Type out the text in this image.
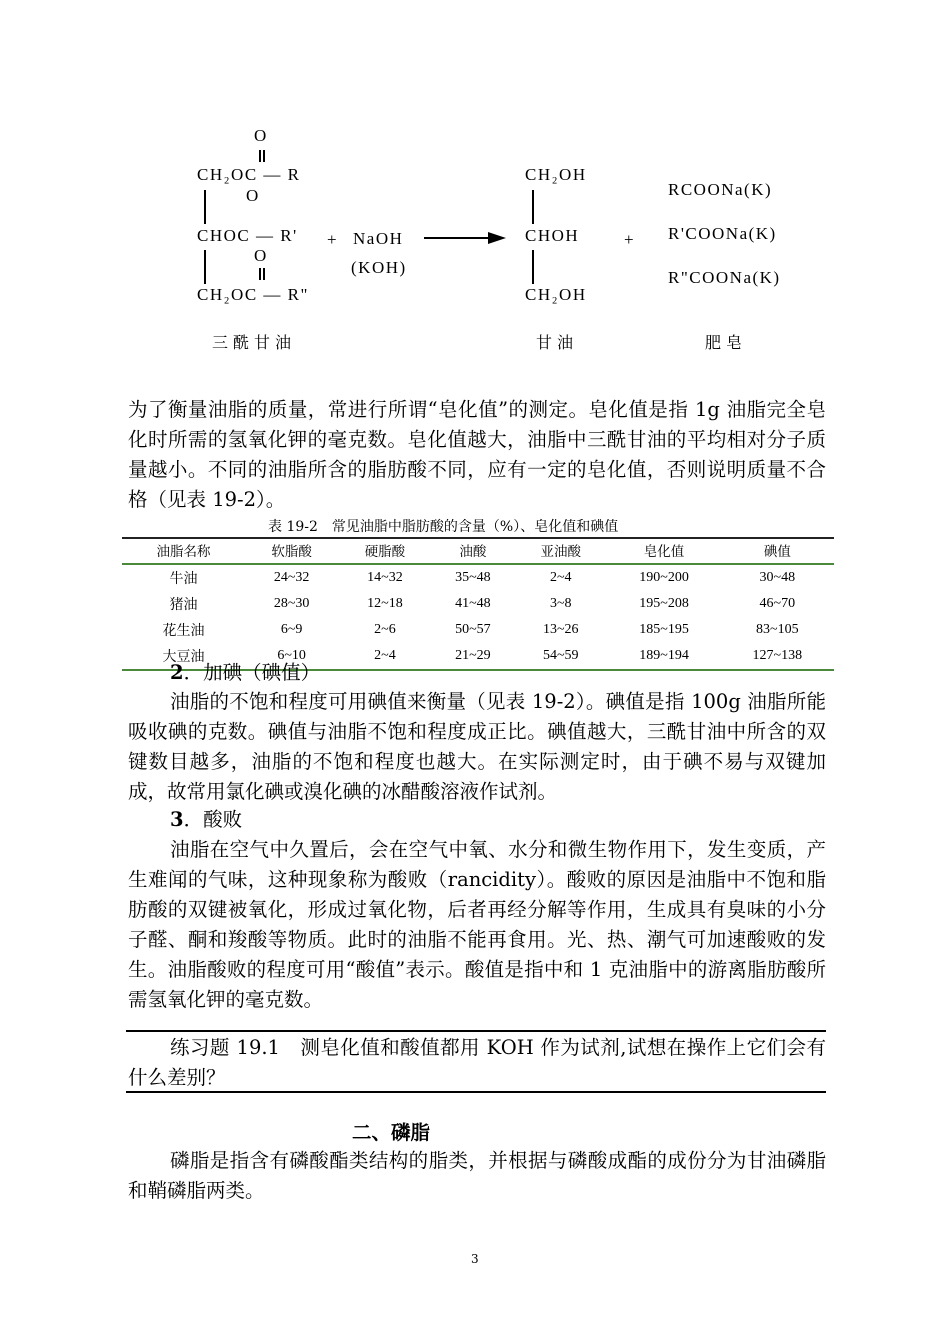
O
CH₂OC — R
O
CHOC — R'
O
CH₂OC — R"
三酰甘油
+ NaOH
(KOH)
CH₂OH
CHOH
CH₂OH
甘油
+
RCOONa(K)
R'COONa(K)
R"COONa(K)
肥皂

为了衡量油脂的质量，常进行所谓“皂化值”的测定。皂化值是指 1g 油脂完全皂化时所需的氢氧化钾的毫克数。皂化值越大，油脂中三酰甘油的平均相对分子质量越小。不同的油脂所含的脂肪酸不同，应有一定的皂化值，否则说明质量不合格（见表 19-2）。

表 19-2　常见油脂中脂肪酸的含量（%）、皂化值和碘值
油脂名称	软脂酸	硬脂酸	油酸	亚油酸	皂化值	碘值
牛油	24~32	14~32	35~48	2~4	190~200	30~48
猪油	28~30	12~18	41~48	3~8	195~208	46~70
花生油	6~9	2~6	50~57	13~26	185~195	83~105
大豆油	6~10	2~4	21~29	54~59	189~194	127~138

2．加碘（碘值）

油脂的不饱和程度可用碘值来衡量（见表 19-2）。碘值是指 100g 油脂所能吸收碘的克数。碘值与油脂不饱和程度成正比。碘值越大，三酰甘油中所含的双键数目越多，油脂的不饱和程度也越大。在实际测定时，由于碘不易与双键加成，故常用氯化碘或溴化碘的冰醋酸溶液作试剂。

3．酸败

油脂在空气中久置后，会在空气中氧、水分和微生物作用下，发生变质，产生难闻的气味，这种现象称为酸败（rancidity）。酸败的原因是油脂中不饱和脂肪酸的双键被氧化，形成过氧化物，后者再经分解等作用，生成具有臭味的小分子醛、酮和羧酸等物质。此时的油脂不能再食用。光、热、潮气可加速酸败的发生。油脂酸败的程度可用“酸值”表示。酸值是指中和 1 克油脂中的游离脂肪酸所需氢氧化钾的毫克数。

练习题 19.1　测皂化值和酸值都用 KOH 作为试剂,试想在操作上它们会有什么差别？

二、磷脂

磷脂是指含有磷酸酯类结构的脂类，并根据与磷酸成酯的成份分为甘油磷脂和鞘磷脂两类。

3
